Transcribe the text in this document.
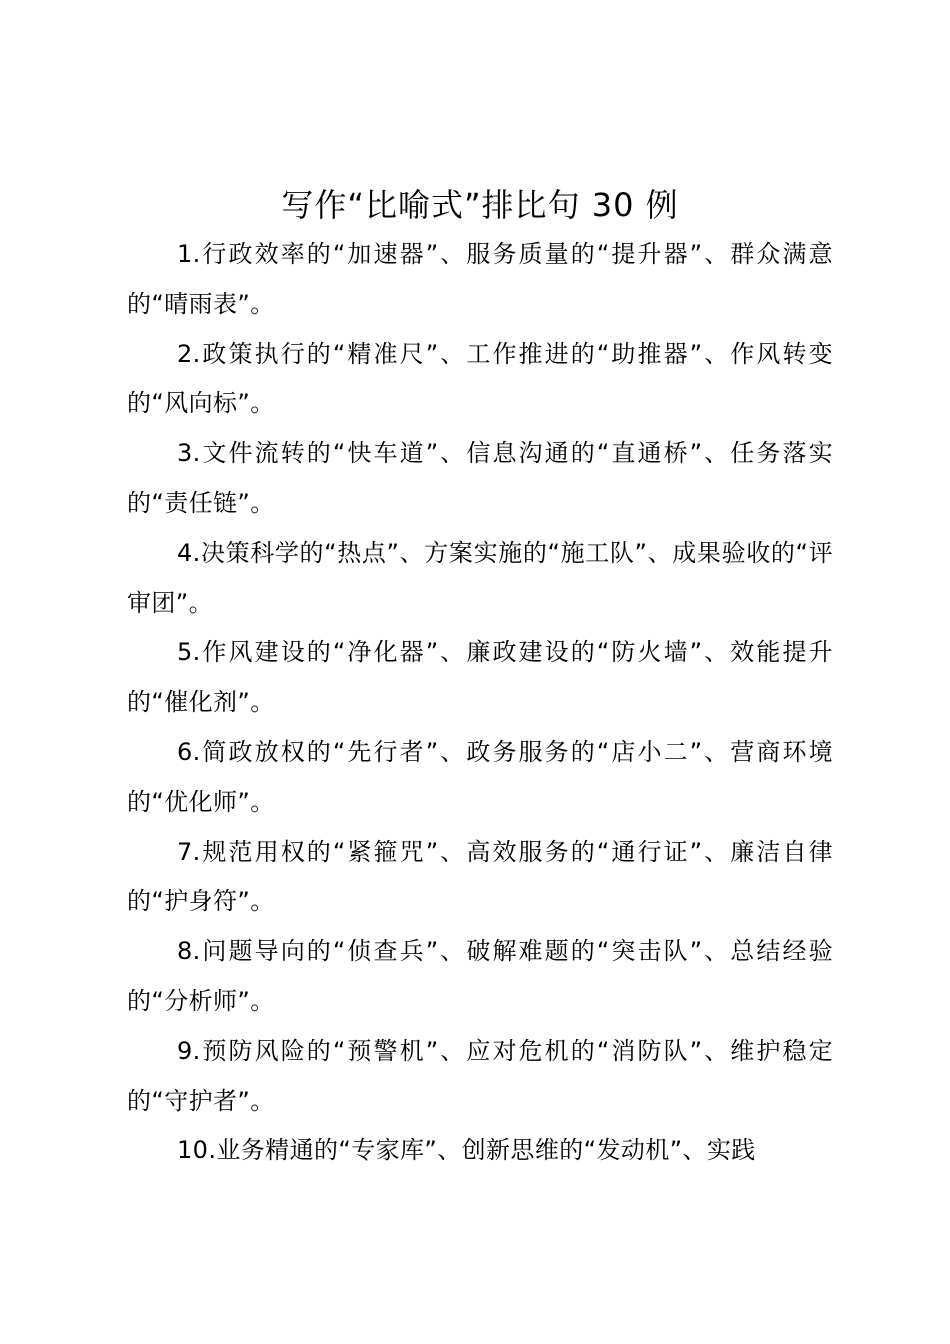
写作“比喻式”排比句 30 例

1.行政效率的“加速器”、服务质量的“提升器”、群众满意的“晴雨表”。

2.政策执行的“精准尺”、工作推进的“助推器”、作风转变的“风向标”。

3.文件流转的“快车道”、信息沟通的“直通桥”、任务落实的“责任链”。

4.决策科学的“热点”、方案实施的“施工队”、成果验收的“评审团”。

5.作风建设的“净化器”、廉政建设的“防火墙”、效能提升的“催化剂”。

6.简政放权的“先行者”、政务服务的“店小二”、营商环境的“优化师”。

7.规范用权的“紧箍咒”、高效服务的“通行证”、廉洁自律的“护身符”。

8.问题导向的“侦查兵”、破解难题的“突击队”、总结经验的“分析师”。

9.预防风险的“预警机”、应对危机的“消防队”、维护稳定的“守护者”。

10.业务精通的“专家库”、创新思维的“发动机”、实践
